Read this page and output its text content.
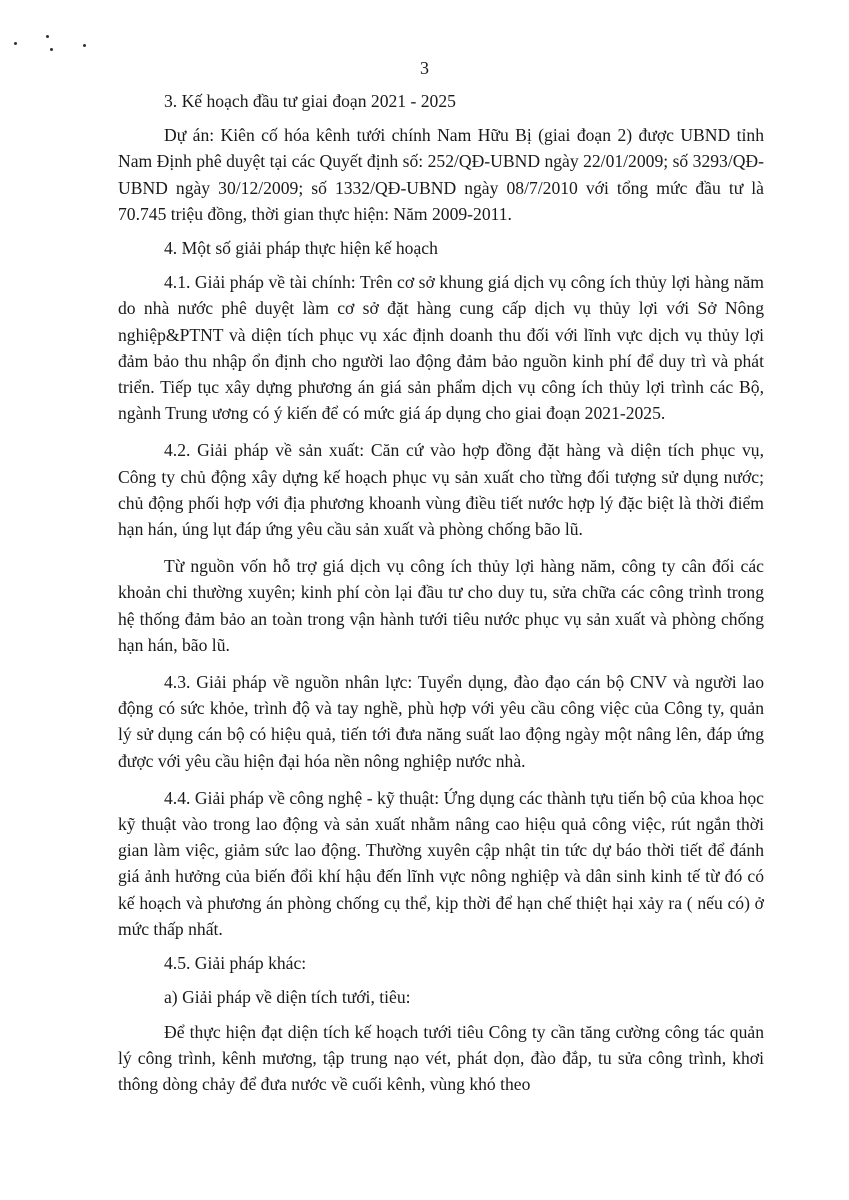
3

3. Kế hoạch đầu tư giai đoạn 2021 - 2025

Dự án: Kiên cố hóa kênh tưới chính Nam Hữu Bị (giai đoạn 2) được UBND tỉnh Nam Định phê duyệt tại các Quyết định số: 252/QĐ-UBND ngày 22/01/2009; số 3293/QĐ-UBND ngày 30/12/2009; số 1332/QĐ-UBND ngày 08/7/2010 với tổng mức đầu tư là 70.745 triệu đồng, thời gian thực hiện: Năm 2009-2011.

4. Một số giải pháp thực hiện kế hoạch

4.1. Giải pháp về tài chính: Trên cơ sở khung giá dịch vụ công ích thủy lợi hàng năm do nhà nước phê duyệt làm cơ sở đặt hàng cung cấp dịch vụ thủy lợi với Sở Nông nghiệp&PTNT và diện tích phục vụ xác định doanh thu đối với lĩnh vực dịch vụ thủy lợi đảm bảo thu nhập ổn định cho người lao động đảm bảo nguồn kinh phí để duy trì và phát triển. Tiếp tục xây dựng phương án giá sản phẩm dịch vụ công ích thủy lợi trình các Bộ, ngành Trung ương có ý kiến để có mức giá áp dụng cho giai đoạn 2021-2025.

4.2. Giải pháp về sản xuất: Căn cứ vào hợp đồng đặt hàng và diện tích phục vụ, Công ty chủ động xây dựng kế hoạch phục vụ sản xuất cho từng đối tượng sử dụng nước; chủ động phối hợp với địa phương khoanh vùng điều tiết nước hợp lý đặc biệt là thời điểm hạn hán, úng lụt đáp ứng yêu cầu sản xuất và phòng chống bão lũ.

Từ nguồn vốn hỗ trợ giá dịch vụ công ích thủy lợi hàng năm, công ty cân đối các khoản chi thường xuyên; kinh phí còn lại đầu tư cho duy tu, sửa chữa các công trình trong hệ thống đảm bảo an toàn trong vận hành tưới tiêu nước phục vụ sản xuất và phòng chống hạn hán, bão lũ.

4.3. Giải pháp về nguồn nhân lực: Tuyển dụng, đào đạo cán bộ CNV và người lao động có sức khỏe, trình độ và tay nghề, phù hợp với yêu cầu công việc của Công ty, quản lý sử dụng cán bộ có hiệu quả, tiến tới đưa năng suất lao động ngày một nâng lên, đáp ứng được với yêu cầu hiện đại hóa nền nông nghiệp nước nhà.

4.4. Giải pháp về công nghệ - kỹ thuật: Ứng dụng các thành tựu tiến bộ của khoa học kỹ thuật vào trong lao động và sản xuất nhằm nâng cao hiệu quả công việc, rút ngắn thời gian làm việc, giảm sức lao động. Thường xuyên cập nhật tin tức dự báo thời tiết để đánh giá ảnh hưởng của biến đổi khí hậu đến lĩnh vực nông nghiệp và dân sinh kinh tế từ đó có kế hoạch và phương án phòng chống cụ thể, kịp thời để hạn chế thiệt hại xảy ra ( nếu có) ở mức thấp nhất.

4.5. Giải pháp khác:

a) Giải pháp về diện tích tưới, tiêu:

Để thực hiện đạt diện tích kế hoạch tưới tiêu Công ty cần tăng cường công tác quản lý công trình, kênh mương, tập trung nạo vét, phát dọn, đào đắp, tu sửa công trình, khơi thông dòng chảy để đưa nước về cuối kênh, vùng khó theo
